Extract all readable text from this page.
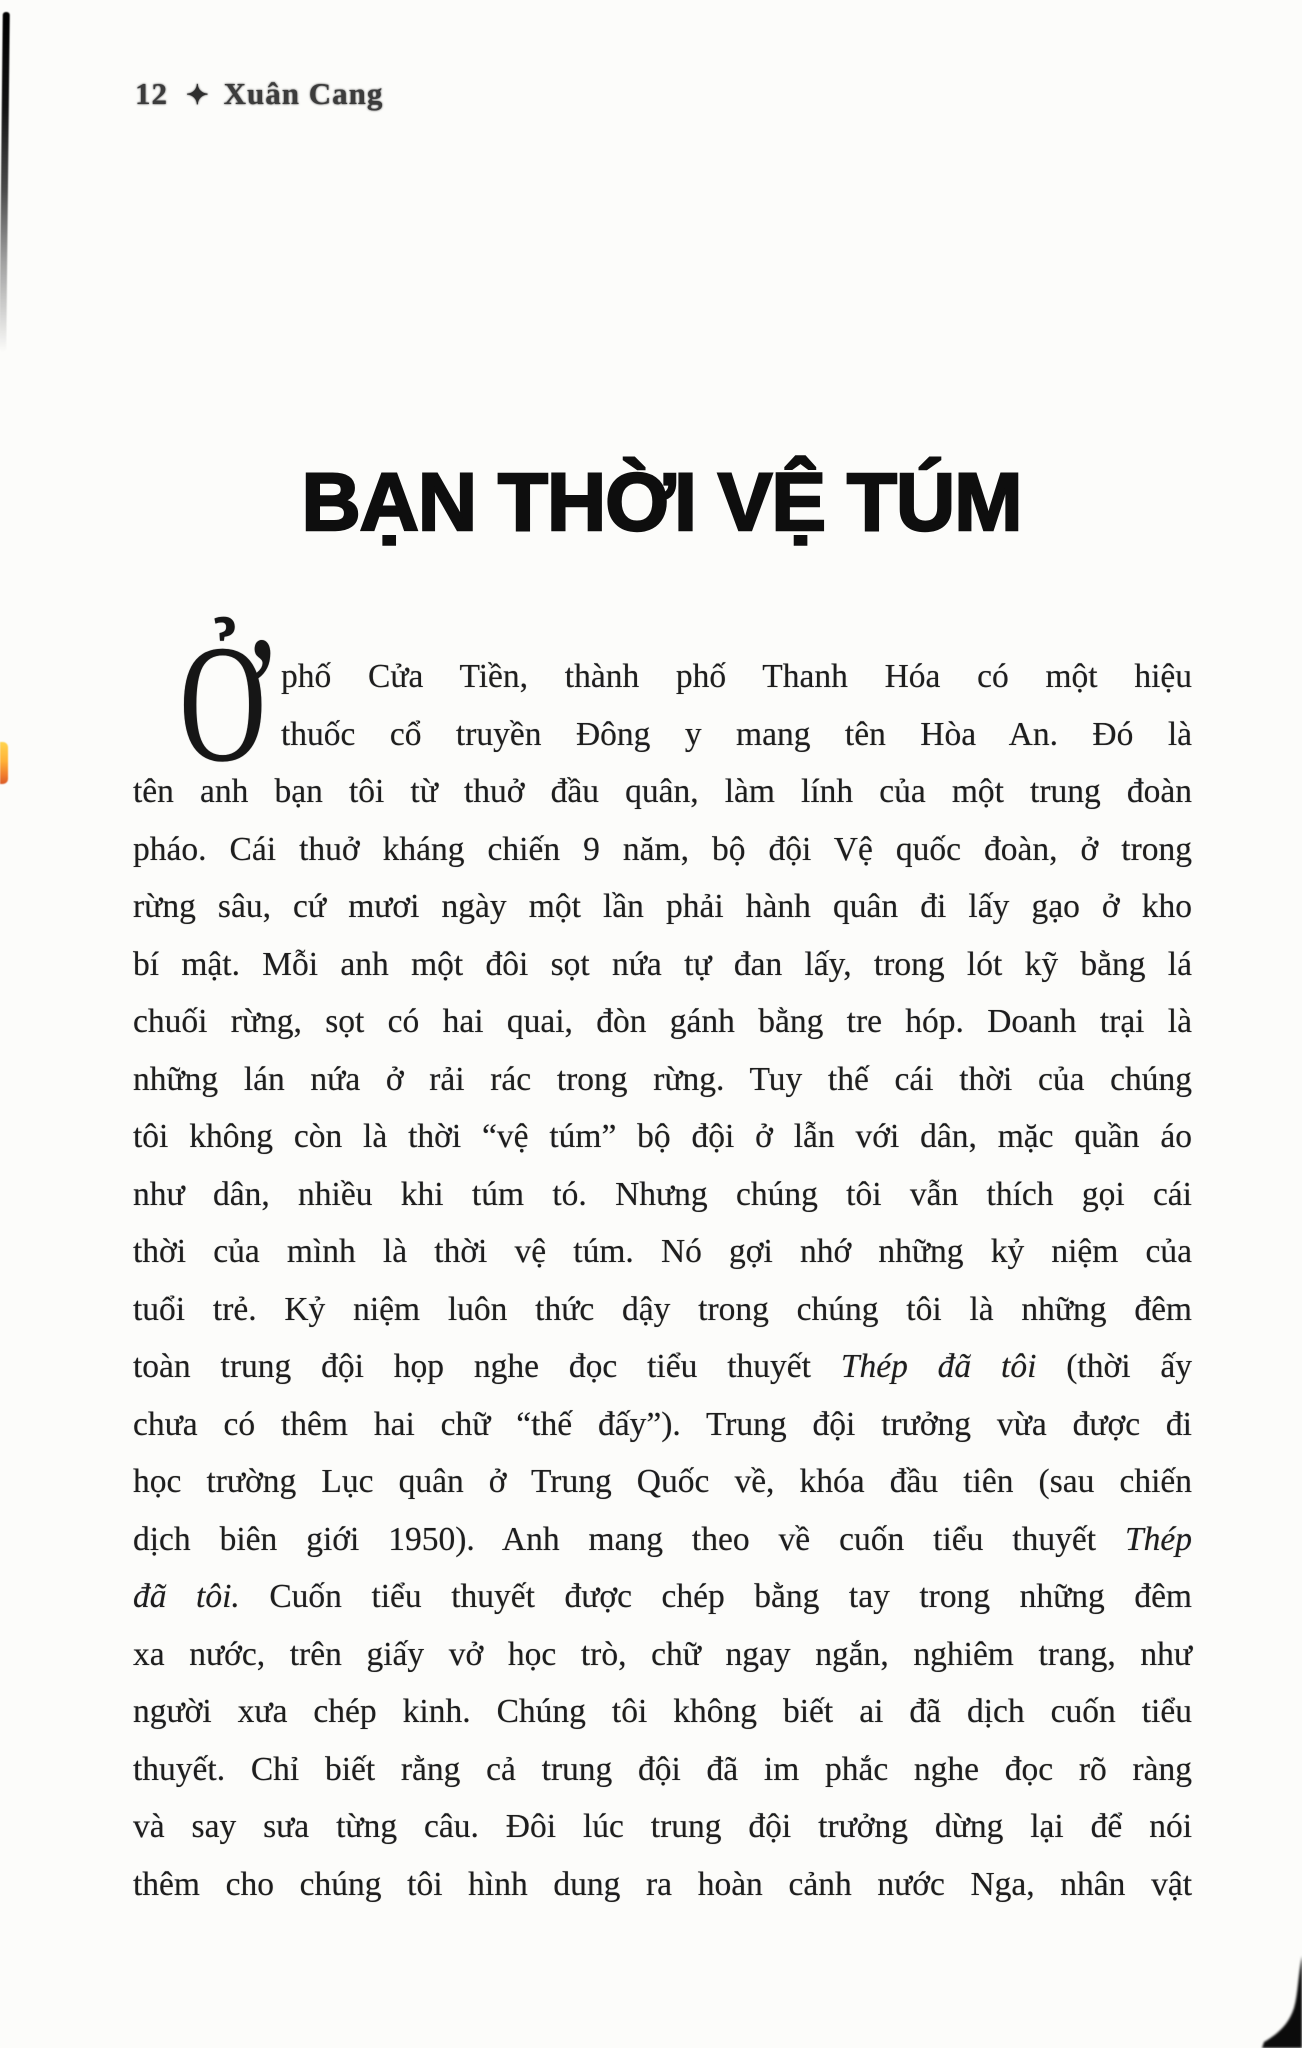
12 ✦ Xuân Cang
BẠN THỜI VỆ TÚM
Ở phố Cửa Tiền, thành phố Thanh Hóa có một hiệu
thuốc cổ truyền Đông y mang tên Hòa An. Đó là
tên anh bạn tôi từ thuở đầu quân, làm lính của một trung đoàn
pháo. Cái thuở kháng chiến 9 năm, bộ đội Vệ quốc đoàn, ở trong
rừng sâu, cứ mươi ngày một lần phải hành quân đi lấy gạo ở kho
bí mật. Mỗi anh một đôi sọt nứa tự đan lấy, trong lót kỹ bằng lá
chuối rừng, sọt có hai quai, đòn gánh bằng tre hóp. Doanh trại là
những lán nứa ở rải rác trong rừng. Tuy thế cái thời của chúng
tôi không còn là thời “vệ túm” bộ đội ở lẫn với dân, mặc quần áo
như dân, nhiều khi túm tó. Nhưng chúng tôi vẫn thích gọi cái
thời của mình là thời vệ túm. Nó gợi nhớ những kỷ niệm của
tuổi trẻ. Kỷ niệm luôn thức dậy trong chúng tôi là những đêm
toàn trung đội họp nghe đọc tiểu thuyết Thép đã tôi (thời ấy
chưa có thêm hai chữ “thế đấy”). Trung đội trưởng vừa được đi
học trường Lục quân ở Trung Quốc về, khóa đầu tiên (sau chiến
dịch biên giới 1950). Anh mang theo về cuốn tiểu thuyết Thép
đã tôi. Cuốn tiểu thuyết được chép bằng tay trong những đêm
xa nước, trên giấy vở học trò, chữ ngay ngắn, nghiêm trang, như
người xưa chép kinh. Chúng tôi không biết ai đã dịch cuốn tiểu
thuyết. Chỉ biết rằng cả trung đội đã im phắc nghe đọc rõ ràng
và say sưa từng câu. Đôi lúc trung đội trưởng dừng lại để nói
thêm cho chúng tôi hình dung ra hoàn cảnh nước Nga, nhân vật
